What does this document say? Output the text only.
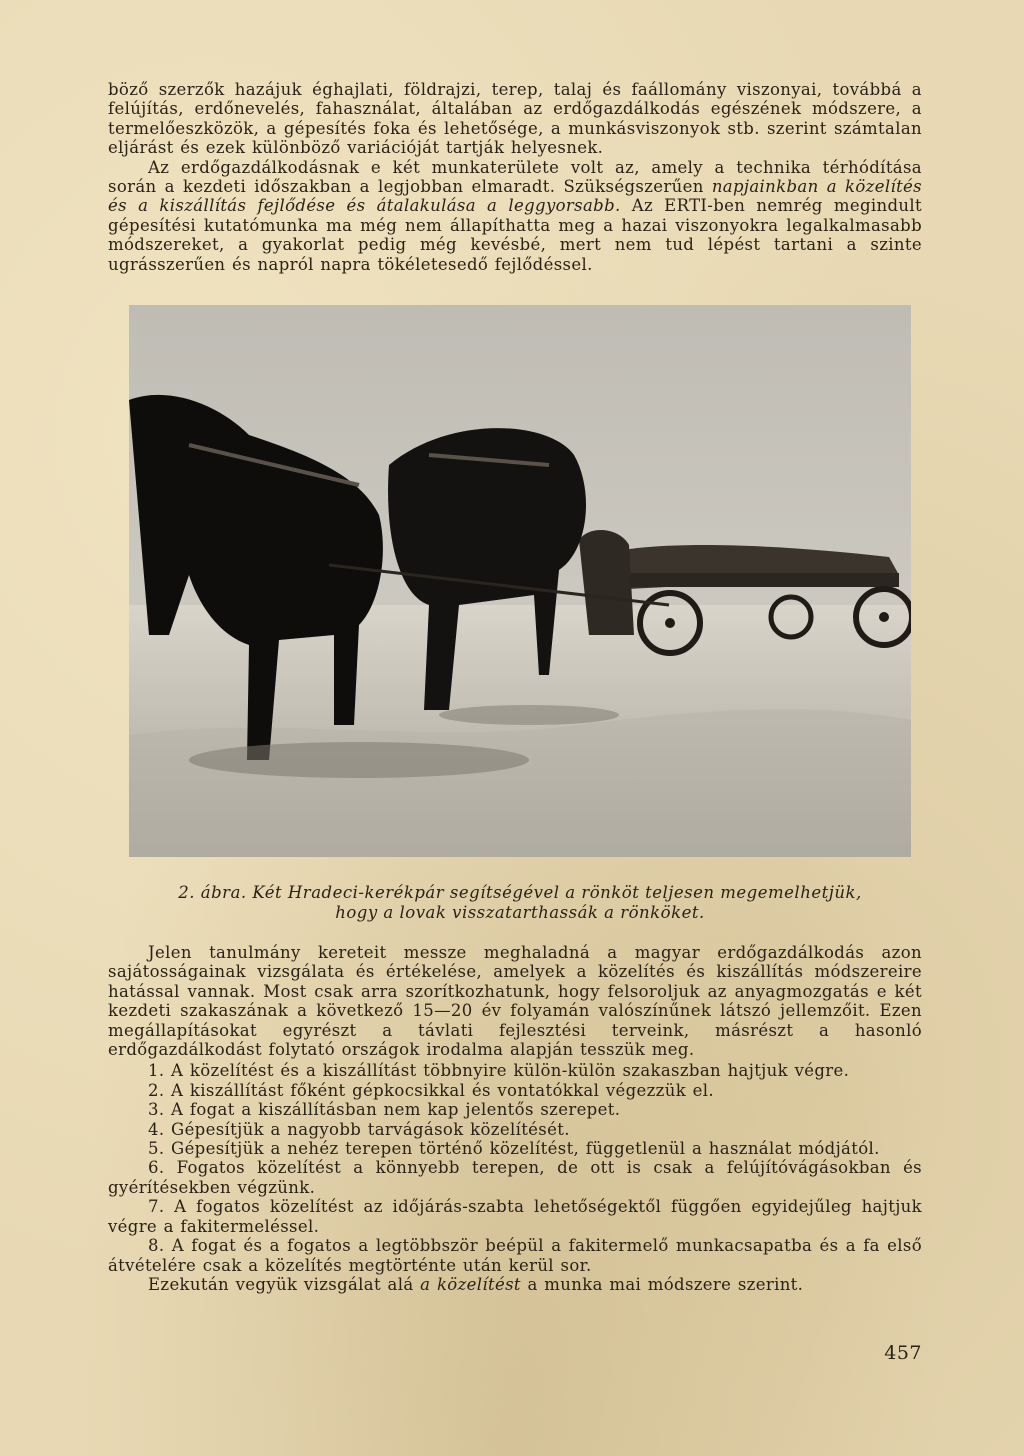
böző szerzők hazájuk éghajlati, földrajzi, terep, talaj és faállomány viszonyai, továbbá a felújítás, erdőnevelés, fahasználat, általában az erdőgazdálkodás egészének módszere, a termelőeszközök, a gépesítés foka és lehetősége, a munkásviszonyok stb. szerint számtalan eljárást és ezek különböző variációját tartják helyesnek.

Az erdőgazdálkodásnak e két munkaterülete volt az, amely a technika térhódítása során a kezdeti időszakban a legjobban elmaradt. Szükségszerűen napjainkban a közelítés és a kiszállítás fejlődése és átalakulása a leggyorsabb. Az ERTI-ben nemrég megindult gépesítési kutatómunka ma még nem állapíthatta meg a hazai viszonyokra legalkalmasabb módszereket, a gyakorlat pedig még kevésbé, mert nem tud lépést tartani a szinte ugrásszerűen és napról napra tökéletesedő fejlődéssel.

2. ábra. Két Hradeci-kerékpár segítségével a rönköt teljesen megemelhetjük,
hogy a lovak visszatarthassák a rönköket.

Jelen tanulmány kereteit messze meghaladná a magyar erdőgazdálkodás azon sajátosságainak vizsgálata és értékelése, amelyek a közelítés és kiszállítás módszereire hatással vannak. Most csak arra szorítkozhatunk, hogy felsoroljuk az anyagmozgatás e két kezdeti szakaszának a következő 15—20 év folyamán valószínűnek látszó jellemzőit. Ezen megállapításokat egyrészt a távlati fejlesztési terveink, másrészt a hasonló erdőgazdálkodást folytató országok irodalma alapján tesszük meg.

1. A közelítést és a kiszállítást többnyire külön-külön szakaszban hajtjuk végre.
2. A kiszállítást főként gépkocsikkal és vontatókkal végezzük el.
3. A fogat a kiszállításban nem kap jelentős szerepet.
4. Gépesítjük a nagyobb tarvágások közelítését.
5. Gépesítjük a nehéz terepen történő közelítést, függetlenül a használat módjától.
6. Fogatos közelítést a könnyebb terepen, de ott is csak a felújítóvágásokban és gyérítésekben végzünk.
7. A fogatos közelítést az időjárás-szabta lehetőségektől függően egyidejűleg hajtjuk végre a fakitermeléssel.
8. A fogat és a fogatos a legtöbbször beépül a fakitermelő munkacsapatba és a fa első átvételére csak a közelítés megtörténte után kerül sor.

Ezekután vegyük vizsgálat alá a közelítést a munka mai módszere szerint.

457
